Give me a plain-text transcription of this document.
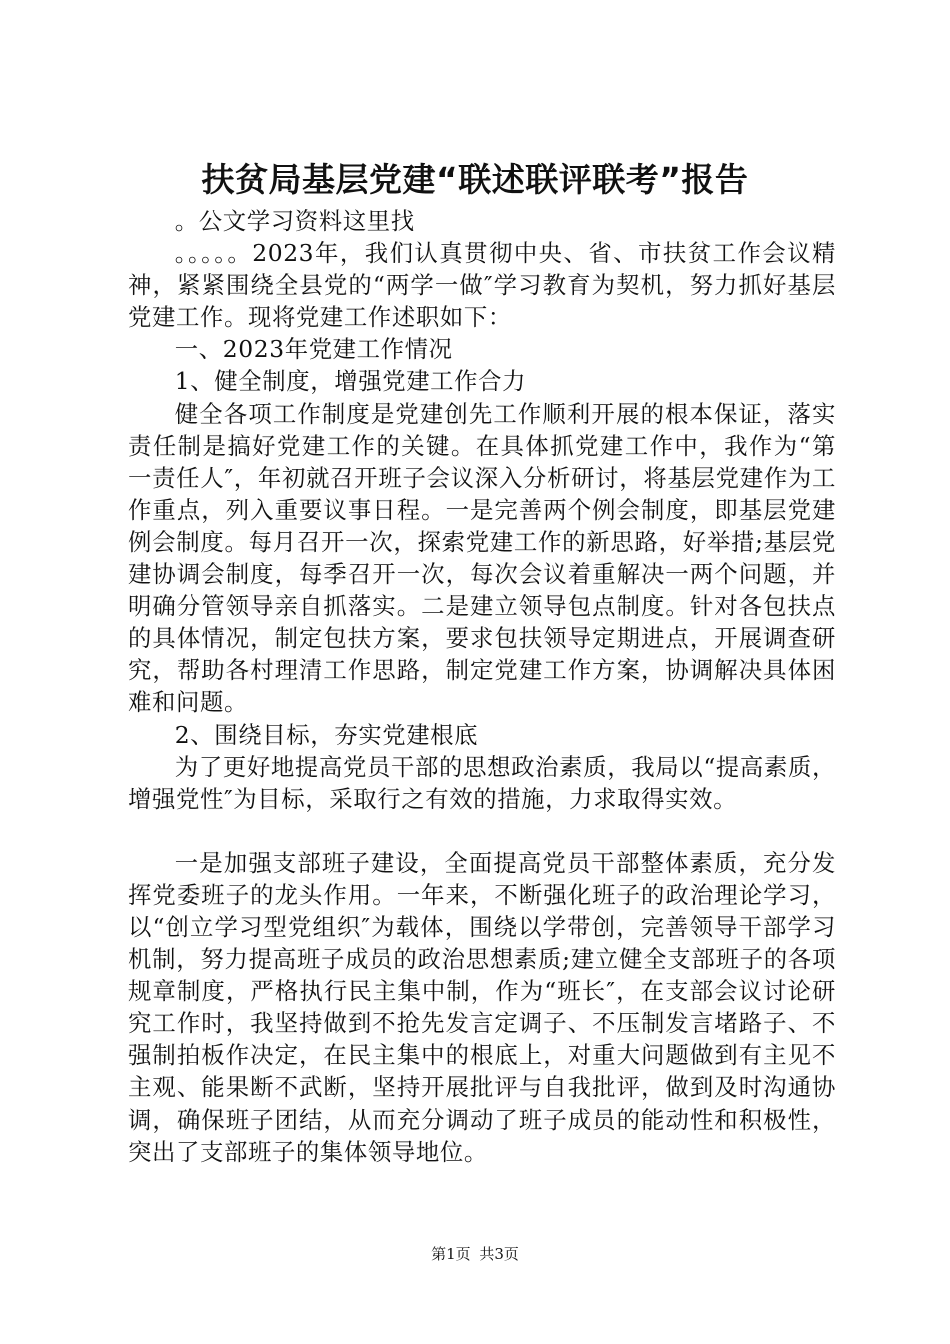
扶贫局基层党建“联述联评联考”报告

。公文学习资料这里找

。。。。。2023年，我们认真贯彻中央、省、市扶贫工作会议精神，紧紧围绕全县党的“两学一做″学习教育为契机，努力抓好基层党建工作。现将党建工作述职如下：

一、2023年党建工作情况

1、健全制度，增强党建工作合力

健全各项工作制度是党建创先工作顺利开展的根本保证，落实责任制是搞好党建工作的关键。在具体抓党建工作中，我作为“第一责任人″，年初就召开班子会议深入分析研讨，将基层党建作为工作重点，列入重要议事日程。一是完善两个例会制度，即基层党建例会制度。每月召开一次，探索党建工作的新思路，好举措;基层党建协调会制度，每季召开一次，每次会议着重解决一两个问题，并明确分管领导亲自抓落实。二是建立领导包点制度。针对各包扶点的具体情况，制定包扶方案，要求包扶领导定期进点，开展调查研究，帮助各村理清工作思路，制定党建工作方案，协调解决具体困难和问题。

2、围绕目标，夯实党建根底

为了更好地提高党员干部的思想政治素质，我局以“提高素质，增强党性″为目标，采取行之有效的措施，力求取得实效。

一是加强支部班子建设，全面提高党员干部整体素质，充分发挥党委班子的龙头作用。一年来，不断强化班子的政治理论学习，以“创立学习型党组织″为载体，围绕以学带创，完善领导干部学习机制，努力提高班子成员的政治思想素质;建立健全支部班子的各项规章制度，严格执行民主集中制，作为“班长″，在支部会议讨论研究工作时，我坚持做到不抢先发言定调子、不压制发言堵路子、不强制拍板作决定，在民主集中的根底上，对重大问题做到有主见不主观、能果断不武断，坚持开展批评与自我批评，做到及时沟通协调，确保班子团结，从而充分调动了班子成员的能动性和积极性，突出了支部班子的集体领导地位。

第1页 共3页
